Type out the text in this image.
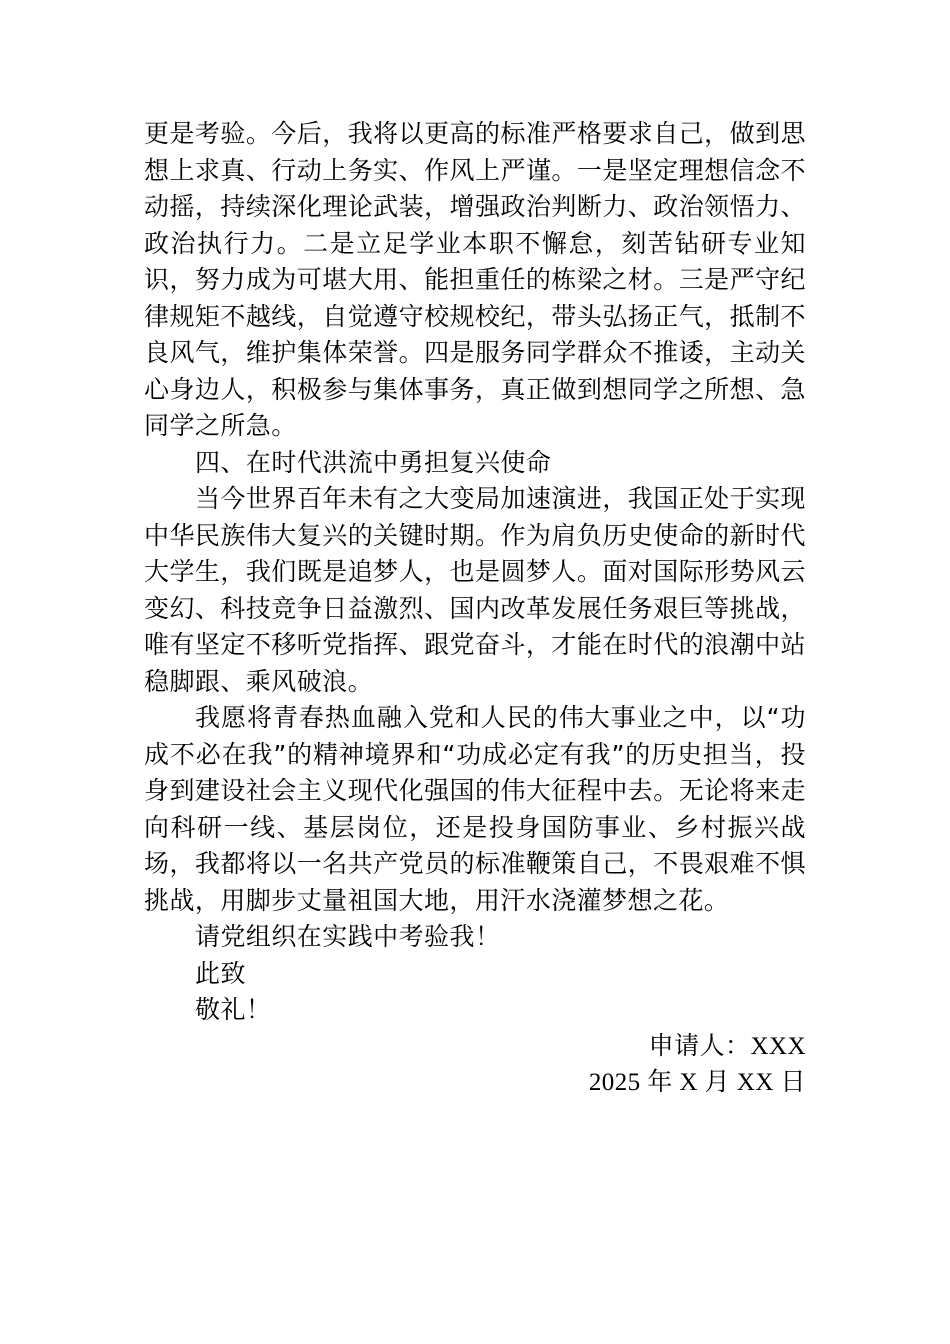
更是考验。今后，我将以更高的标准严格要求自己，做到思想上求真、行动上务实、作风上严谨。一是坚定理想信念不动摇，持续深化理论武装，增强政治判断力、政治领悟力、政治执行力。二是立足学业本职不懈怠，刻苦钻研专业知识，努力成为可堪大用、能担重任的栋梁之材。三是严守纪律规矩不越线，自觉遵守校规校纪，带头弘扬正气，抵制不良风气，维护集体荣誉。四是服务同学群众不推诿，主动关心身边人，积极参与集体事务，真正做到想同学之所想、急同学之所急。

四、在时代洪流中勇担复兴使命

当今世界百年未有之大变局加速演进，我国正处于实现中华民族伟大复兴的关键时期。作为肩负历史使命的新时代大学生，我们既是追梦人，也是圆梦人。面对国际形势风云变幻、科技竞争日益激烈、国内改革发展任务艰巨等挑战，唯有坚定不移听党指挥、跟党奋斗，才能在时代的浪潮中站稳脚跟、乘风破浪。

我愿将青春热血融入党和人民的伟大事业之中，以“功成不必在我”的精神境界和“功成必定有我”的历史担当，投身到建设社会主义现代化强国的伟大征程中去。无论将来走向科研一线、基层岗位，还是投身国防事业、乡村振兴战场，我都将以一名共产党员的标准鞭策自己，不畏艰难不惧挑战，用脚步丈量祖国大地，用汗水浇灌梦想之花。

请党组织在实践中考验我！

此致

敬礼！

申请人：XXX

2025 年 X 月 XX 日
